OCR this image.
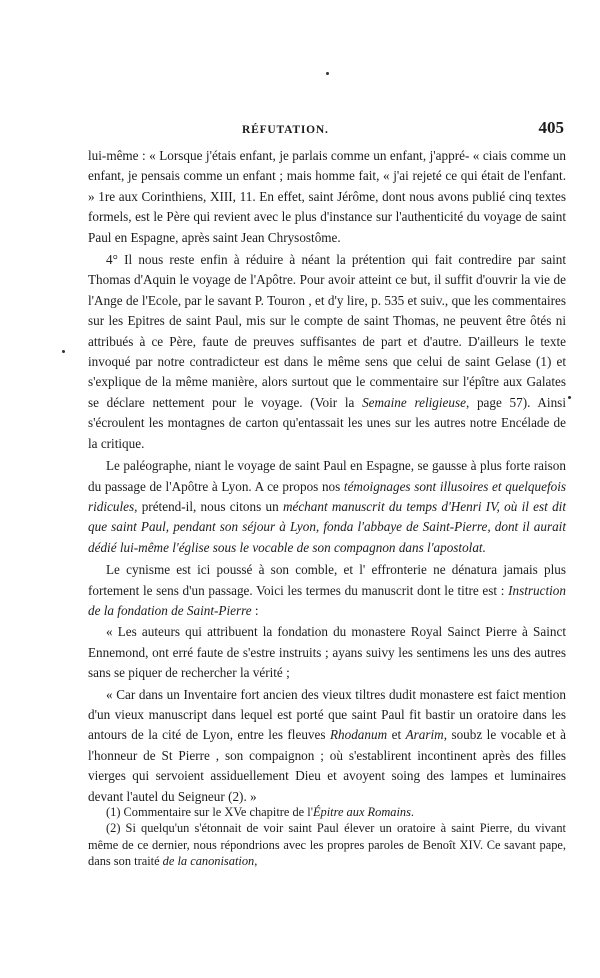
RÉFUTATION.	405

lui-même : « Lorsque j'étais enfant, je parlais comme un enfant, j'appré- « ciais comme un enfant, je pensais comme un enfant ; mais homme fait, « j'ai rejeté ce qui était de l'enfant. » 1re aux Corinthiens, XIII, 11. En effet, saint Jérôme, dont nous avons publié cinq textes formels, est le Père qui revient avec le plus d'instance sur l'authenticité du voyage de saint Paul en Espagne, après saint Jean Chrysostôme.

4° Il nous reste enfin à réduire à néant la prétention qui fait contredire par saint Thomas d'Aquin le voyage de l'Apôtre. Pour avoir atteint ce but, il suffit d'ouvrir la vie de l'Ange de l'Ecole, par le savant P. Touron , et d'y lire, p. 535 et suiv., que les commentaires sur les Epitres de saint Paul, mis sur le compte de saint Thomas, ne peuvent être ôtés ni attribués à ce Père, faute de preuves suffisantes de part et d'autre. D'ailleurs le texte invoqué par notre contradicteur est dans le même sens que celui de saint Gelase (1) et s'explique de la même manière, alors surtout que le commentaire sur l'épître aux Galates se déclare nettement pour le voyage. (Voir la Semaine religieuse, page 57). Ainsi s'écroulent les montagnes de carton qu'entassait les unes sur les autres notre Encélade de la critique.

Le paléographe, niant le voyage de saint Paul en Espagne, se gausse à plus forte raison du passage de l'Apôtre à Lyon. A ce propos nos témoignages sont illusoires et quelquefois ridicules, prétend-il, nous citons un méchant manuscrit du temps d'Henri IV, où il est dit que saint Paul, pendant son séjour à Lyon, fonda l'abbaye de Saint-Pierre, dont il aurait dédié lui-même l'église sous le vocable de son compagnon dans l'apostolat.

Le cynisme est ici poussé à son comble, et l' effronterie ne dénatura jamais plus fortement le sens d'un passage. Voici les termes du manuscrit dont le titre est : Instruction de la fondation de Saint-Pierre :

« Les auteurs qui attribuent la fondation du monastere Royal Sainct Pierre à Sainct Ennemond, ont erré faute de s'estre instruits ; ayans suivy les sentimens les uns des autres sans se piquer de rechercher la vérité ;

« Car dans un Inventaire fort ancien des vieux tiltres dudit monastere est faict mention d'un vieux manuscript dans lequel est porté que saint Paul fit bastir un oratoire dans les antours de la cité de Lyon, entre les fleuves Rhodanum et Ararim, soubz le vocable et à l'honneur de St Pierre , son compaignon ; où s'establirent incontinent après des filles vierges qui servoient assiduellement Dieu et avoyent soing des lampes et luminaires devant l'autel du Seigneur (2). »

(1) Commentaire sur le XVe chapitre de l'Épitre aux Romains.

(2) Si quelqu'un s'étonnait de voir saint Paul élever un oratoire à saint Pierre, du vivant même de ce dernier, nous répondrions avec les propres paroles de Benoît XIV. Ce savant pape, dans son traité de la canonisation,
